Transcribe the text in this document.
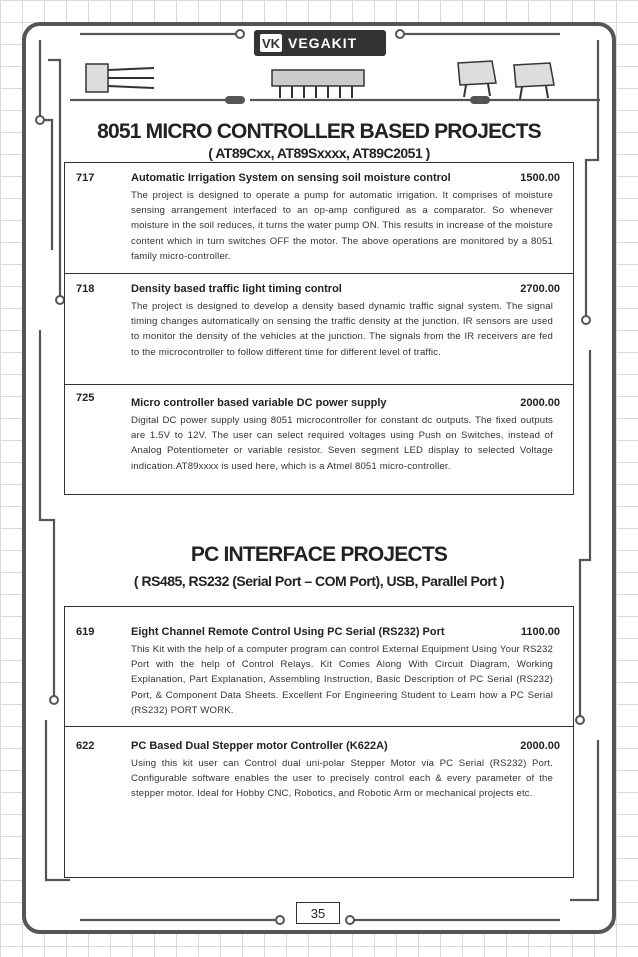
VK VEGAKIT
8051 MICRO CONTROLLER BASED PROJECTS
( AT89Cxx, AT89Sxxxx, AT89C2051 )
717	Automatic Irrigation System on sensing soil moisture control	1500.00
The project is designed to operate a pump for automatic irrigation. It comprises of moisture sensing arrangement interfaced to an op-amp configured as a comparator. So whenever moisture in the soil reduces, it turns the water pump ON. This results in increase of the moisture content which in turn switches OFF the motor. The above operations are monitored by a 8051 family micro-controller.
718	Density based traffic light timing control	2700.00
The project is designed to develop a density based dynamic traffic signal system. The signal timing changes automatically on sensing the traffic density at the junction. IR sensors are used to monitor the density of the vehicles at the junction. The signals from the IR receivers are fed to the microcontroller to follow different time for different level of traffic.
725	Micro controller based variable DC power supply	2000.00
Digital DC power supply using 8051 microcontroller for constant dc outputs. The fixed outputs are 1.5V to 12V. The user can select required voltages using Push on Switches, instead of Analog Potentiometer or variable resistor. Seven segment LED display to selected Voltage indication.AT89xxxx is used here, which is a Atmel 8051 micro-controller.
PC INTERFACE PROJECTS
( RS485, RS232 (Serial Port – COM Port), USB, Parallel Port )
619	Eight Channel Remote Control Using PC Serial (RS232) Port	1100.00
This Kit with the help of a computer program can control External Equipment Using Your RS232 Port with the help of Control Relays. Kit Comes Along With Circuit Diagram, Working Explanation, Part Explanation, Assembling Instruction, Basic Description of PC Serial (RS232) Port, & Component Data Sheets. Excellent For Engineering Student to Learn how a PC Serial (RS232) PORT WORK.
622	PC Based Dual Stepper motor Controller (K622A)	2000.00
Using this kit user can Control dual uni-polar Stepper Motor via PC Serial (RS232) Port. Configurable software enables the user to precisely control each & every parameter of the stepper motor. Ideal for Hobby CNC, Robotics, and Robotic Arm or mechanical projects etc.
35
